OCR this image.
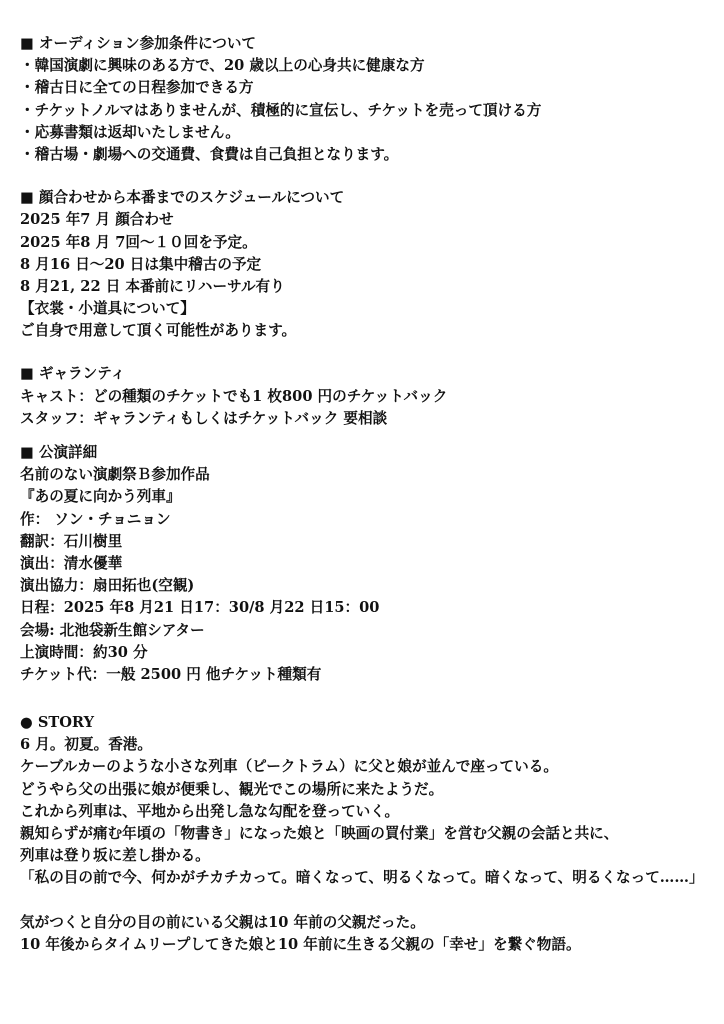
■ オーディション参加条件について
・韓国演劇に興味のある方で、20 歳以上の心身共に健康な方
・稽古日に全ての日程参加できる方
・チケットノルマはありませんが、積極的に宣伝し、チケットを売って頂ける方
・応募書類は返却いたしません。
・稽古場・劇場への交通費、食費は自己負担となります。
■ 顔合わせから本番までのスケジュールについて
2025 年7 月 顔合わせ
2025 年8 月 7回～１０回を予定。
8 月16 日～20 日は集中稽古の予定
8 月21, 22 日 本番前にリハーサル有り
【衣裳・小道具について】
ご自身で用意して頂く可能性があります。
■ ギャランティ
キャスト：どの種類のチケットでも1 枚800 円のチケットバック
スタッフ：ギャランティもしくはチケットバック 要相談
■ 公演詳細
名前のない演劇祭Ｂ参加作品
『あの夏に向かう列車』
作： ソン・チョニョン
翻訳：石川樹里
演出：清水優華
演出協力：扇田拓也(空観)
日程：2025 年8 月21 日17：30/8 月22 日15：00
会場: 北池袋新生館シアター
上演時間：約30 分
チケット代：一般 2500 円 他チケット種類有
● STORY
6 月。初夏。香港。
ケーブルカーのような小さな列車（ピークトラム）に父と娘が並んで座っている。
どうやら父の出張に娘が便乗し、観光でこの場所に来たようだ。
これから列車は、平地から出発し急な勾配を登っていく。
親知らずが痛む年頃の「物書き」になった娘と「映画の買付業」を営む父親の会話と共に、
列車は登り坂に差し掛かる。
「私の目の前で今、何かがチカチカって。暗くなって、明るくなって。暗くなって、明るくなって……」
気がつくと自分の目の前にいる父親は10 年前の父親だった。
10 年後からタイムリープしてきた娘と10 年前に生きる父親の「幸せ」を繋ぐ物語。
